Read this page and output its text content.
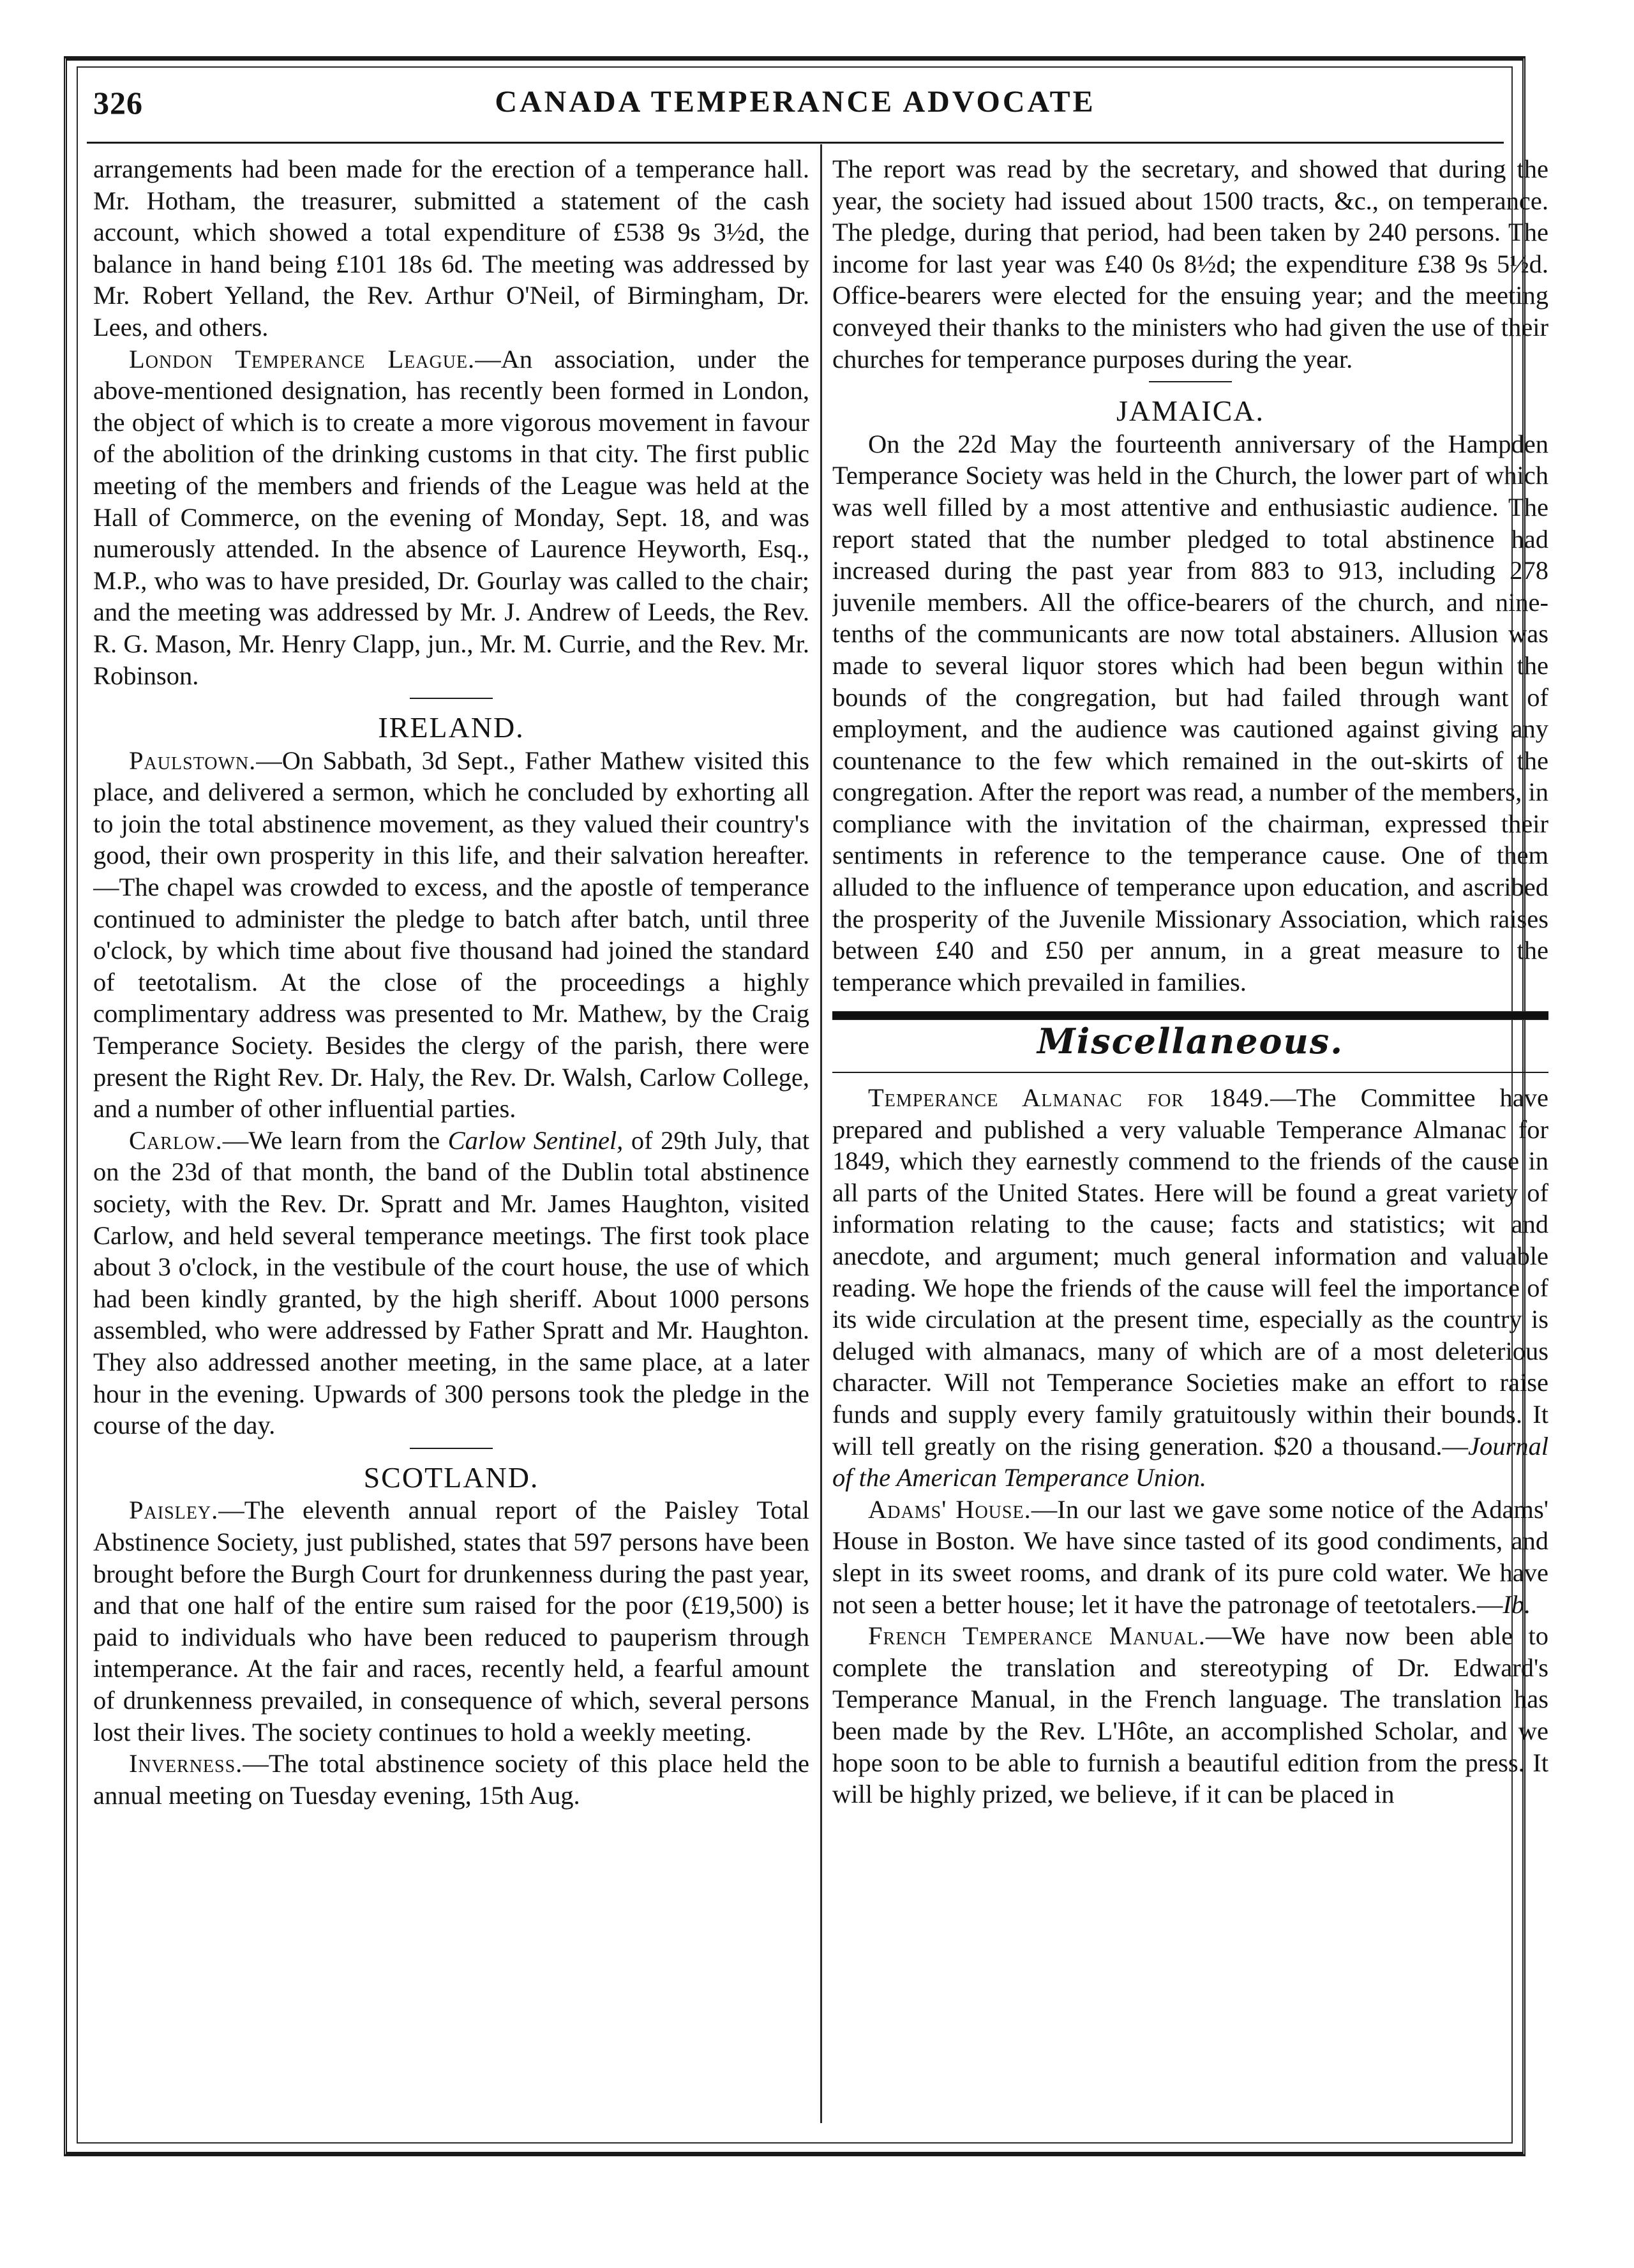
326	CANADA TEMPERANCE ADVOCATE

arrangements had been made for the erection of a temperance hall. Mr. Hotham, the treasurer, submitted a statement of the cash account, which showed a total expenditure of £538 9s 3½d, the balance in hand being £101 18s 6d. The meeting was addressed by Mr. Robert Yelland, the Rev. Arthur O'Neil, of Birmingham, Dr. Lees, and others.

London Temperance League.—An association, under the above-mentioned designation, has recently been formed in London, the object of which is to create a more vigorous movement in favour of the abolition of the drinking customs in that city. The first public meeting of the members and friends of the League was held at the Hall of Commerce, on the evening of Monday, Sept. 18, and was numerously attended. In the absence of Laurence Heyworth, Esq., M.P., who was to have presided, Dr. Gourlay was called to the chair; and the meeting was addressed by Mr. J. Andrew of Leeds, the Rev. R. G. Mason, Mr. Henry Clapp, jun., Mr. M. Currie, and the Rev. Mr. Robinson.

IRELAND.

Paulstown.—On Sabbath, 3d Sept., Father Mathew visited this place, and delivered a sermon, which he concluded by exhorting all to join the total abstinence movement, as they valued their country's good, their own prosperity in this life, and their salvation hereafter.—The chapel was crowded to excess, and the apostle of temperance continued to administer the pledge to batch after batch, until three o'clock, by which time about five thousand had joined the standard of teetotalism. At the close of the proceedings a highly complimentary address was presented to Mr. Mathew, by the Craig Temperance Society. Besides the clergy of the parish, there were present the Right Rev. Dr. Haly, the Rev. Dr. Walsh, Carlow College, and a number of other influential parties.

Carlow.—We learn from the Carlow Sentinel, of 29th July, that on the 23d of that month, the band of the Dublin total abstinence society, with the Rev. Dr. Spratt and Mr. James Haughton, visited Carlow, and held several temperance meetings. The first took place about 3 o'clock, in the vestibule of the court house, the use of which had been kindly granted, by the high sheriff. About 1000 persons assembled, who were addressed by Father Spratt and Mr. Haughton. They also addressed another meeting, in the same place, at a later hour in the evening. Upwards of 300 persons took the pledge in the course of the day.

SCOTLAND.

Paisley.—The eleventh annual report of the Paisley Total Abstinence Society, just published, states that 597 persons have been brought before the Burgh Court for drunkenness during the past year, and that one half of the entire sum raised for the poor (£19,500) is paid to individuals who have been reduced to pauperism through intemperance. At the fair and races, recently held, a fearful amount of drunkenness prevailed, in consequence of which, several persons lost their lives. The society continues to hold a weekly meeting.

Inverness.—The total abstinence society of this place held the annual meeting on Tuesday evening, 15th Aug.

The report was read by the secretary, and showed that during the year, the society had issued about 1500 tracts, &c., on temperance. The pledge, during that period, had been taken by 240 persons. The income for last year was £40 0s 8½d; the expenditure £38 9s 5½d. Office-bearers were elected for the ensuing year; and the meeting conveyed their thanks to the ministers who had given the use of their churches for temperance purposes during the year.

JAMAICA.

On the 22d May the fourteenth anniversary of the Hampden Temperance Society was held in the Church, the lower part of which was well filled by a most attentive and enthusiastic audience. The report stated that the number pledged to total abstinence had increased during the past year from 883 to 913, including 278 juvenile members. All the office-bearers of the church, and nine-tenths of the communicants are now total abstainers. Allusion was made to several liquor stores which had been begun within the bounds of the congregation, but had failed through want of employment, and the audience was cautioned against giving any countenance to the few which remained in the out-skirts of the congregation. After the report was read, a number of the members, in compliance with the invitation of the chairman, expressed their sentiments in reference to the temperance cause. One of them alluded to the influence of temperance upon education, and ascribed the prosperity of the Juvenile Missionary Association, which raises between £40 and £50 per annum, in a great measure to the temperance which prevailed in families.

Miscellaneous.

Temperance Almanac for 1849.—The Committee have prepared and published a very valuable Temperance Almanac for 1849, which they earnestly commend to the friends of the cause in all parts of the United States. Here will be found a great variety of information relating to the cause; facts and statistics; wit and anecdote, and argument; much general information and valuable reading. We hope the friends of the cause will feel the importance of its wide circulation at the present time, especially as the country is deluged with almanacs, many of which are of a most deleterious character. Will not Temperance Societies make an effort to raise funds and supply every family gratuitously within their bounds. It will tell greatly on the rising generation. $20 a thousand.—Journal of the American Temperance Union.

Adams' House.—In our last we gave some notice of the Adams' House in Boston. We have since tasted of its good condiments, and slept in its sweet rooms, and drank of its pure cold water. We have not seen a better house; let it have the patronage of teetotalers.—Ib.

French Temperance Manual.—We have now been able to complete the translation and stereotyping of Dr. Edward's Temperance Manual, in the French language. The translation has been made by the Rev. L'Hôte, an accomplished Scholar, and we hope soon to be able to furnish a beautiful edition from the press. It will be highly prized, we believe, if it can be placed in
